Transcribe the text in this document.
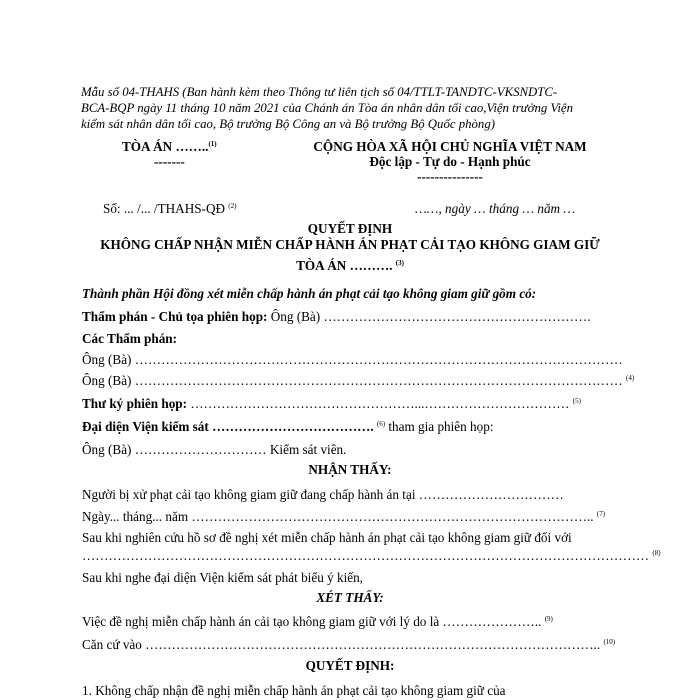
Mẫu số 04-THAHS (Ban hành kèm theo Thông tư liên tịch số 04/TTLT-TANDTC-VKSNDTC-
BCA-BQP ngày 11 tháng 10 năm 2021 của Chánh án Tòa án nhân dân tối cao,Viện trưởng Viện
kiểm sát nhân dân tối cao, Bộ trưởng Bộ Công an và Bộ trưởng Bộ Quốc phòng)
TÒA ÁN ……..$^{(1)}$
-------
CỘNG HÒA XÃ HỘI CHỦ NGHĨA VIỆT NAM
Độc lập - Tự do - Hạnh phúc
---------------
Số: ... /... /THAHS-QĐ $^{(2)}$	……, ngày … tháng … năm …
QUYẾT ĐỊNH
KHÔNG CHẤP NHẬN MIỄN CHẤP HÀNH ÁN PHẠT CẢI TẠO KHÔNG GIAM GIỮ
TÒA ÁN ………. $^{(3)}$
Thành phần Hội đồng xét miễn chấp hành án phạt cải tạo không giam giữ gồm có:
Thẩm phán - Chủ tọa phiên họp: Ông (Bà) …………………………………………………….
Các Thẩm phán:
Ông (Bà) …………………………………………………………………………………………………
Ông (Bà) ………………………………………………………………………………………………… $^{(4)}$
Thư ký phiên họp: ……………………………………………...…………………………… $^{(5)}$
Đại diện Viện kiểm sát ………………………………. $^{(6)}$ tham gia phiên họp:
Ông (Bà) ………………………… Kiểm sát viên.
NHẬN THẤY:
Người bị xử phạt cải tạo không giam giữ đang chấp hành án tại ……………………………
Ngày... tháng... năm ……………………………………………………………………………….. $^{(7)}$
Sau khi nghiên cứu hồ sơ đề nghị xét miễn chấp hành án phạt cải tạo không giam giữ đối với
………………………………………………………………………………………………………………… $^{(8)}$
Sau khi nghe đại diện Viện kiểm sát phát biểu ý kiến,
XÉT THẤY:
Việc đề nghị miễn chấp hành án cải tạo không giam giữ với lý do là ………………….. $^{(9)}$
Căn cứ vào ………………………………………………………………………………………….. $^{(10)}$
QUYẾT ĐỊNH:
1. Không chấp nhận đề nghị miễn chấp hành án phạt cải tạo không giam giữ của
